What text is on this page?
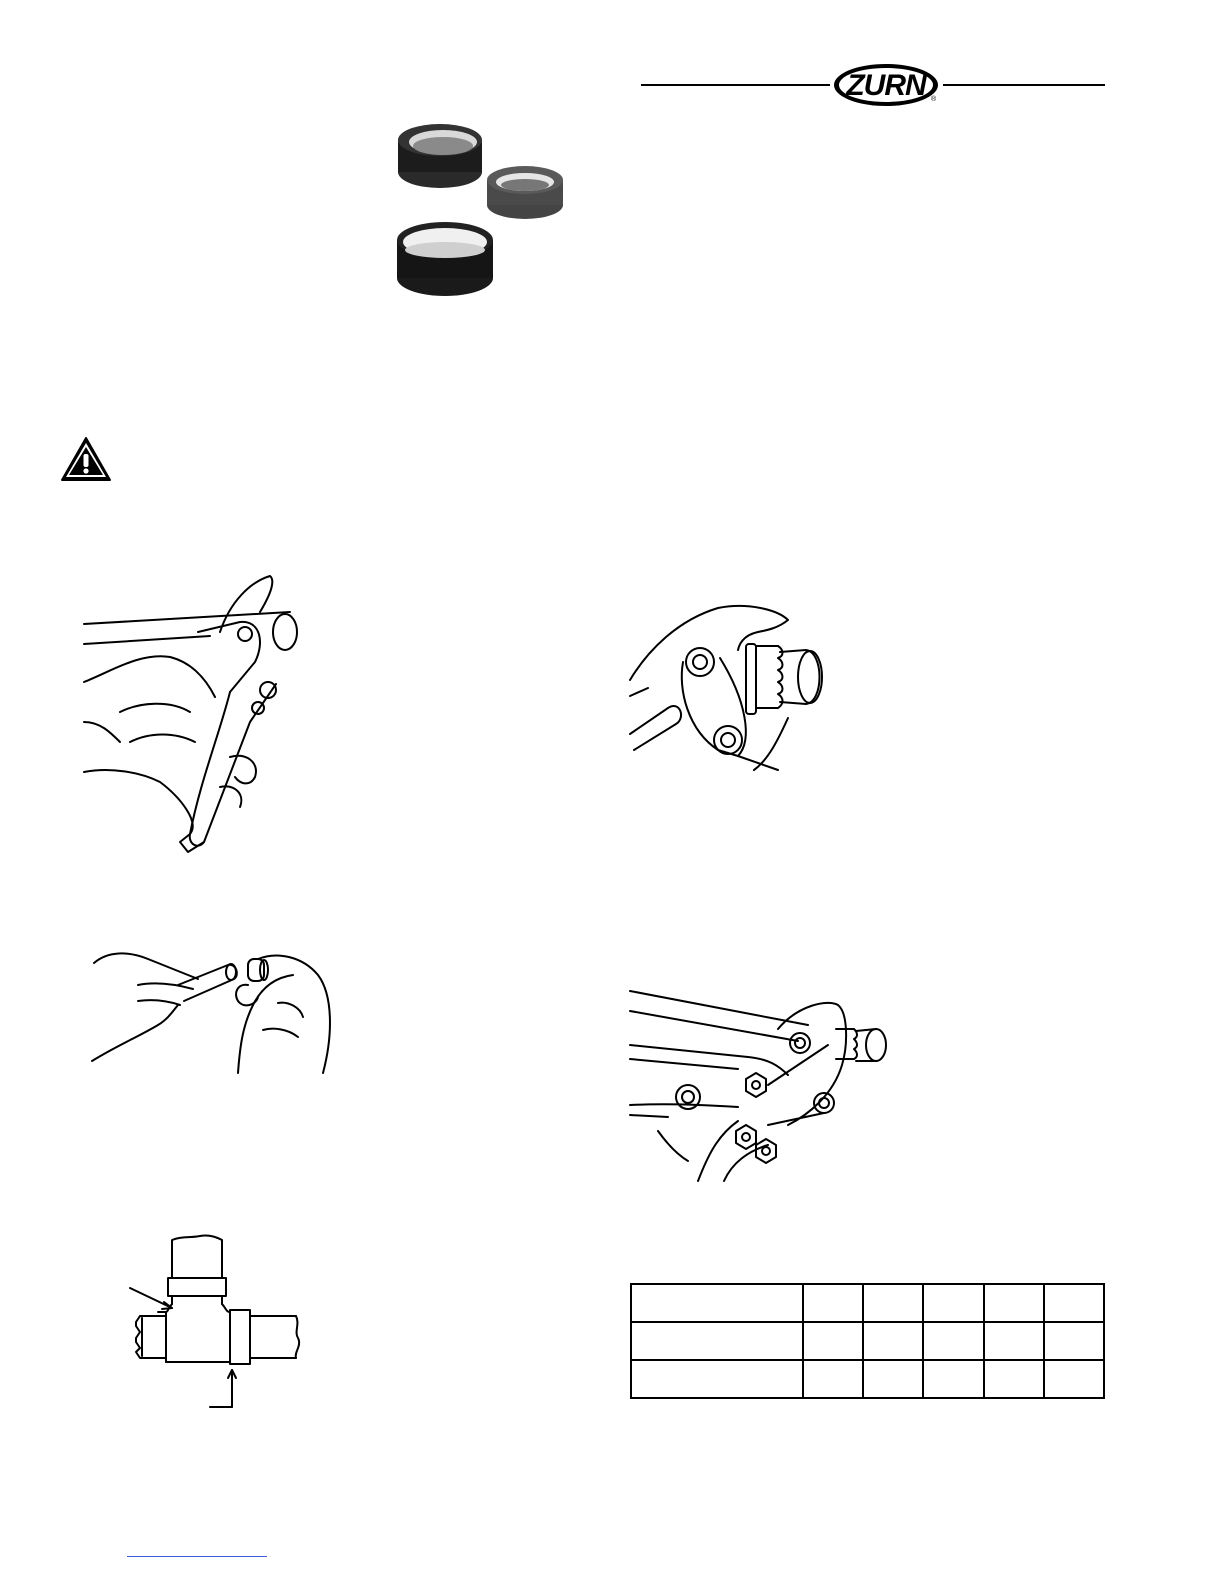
ZURN ®
